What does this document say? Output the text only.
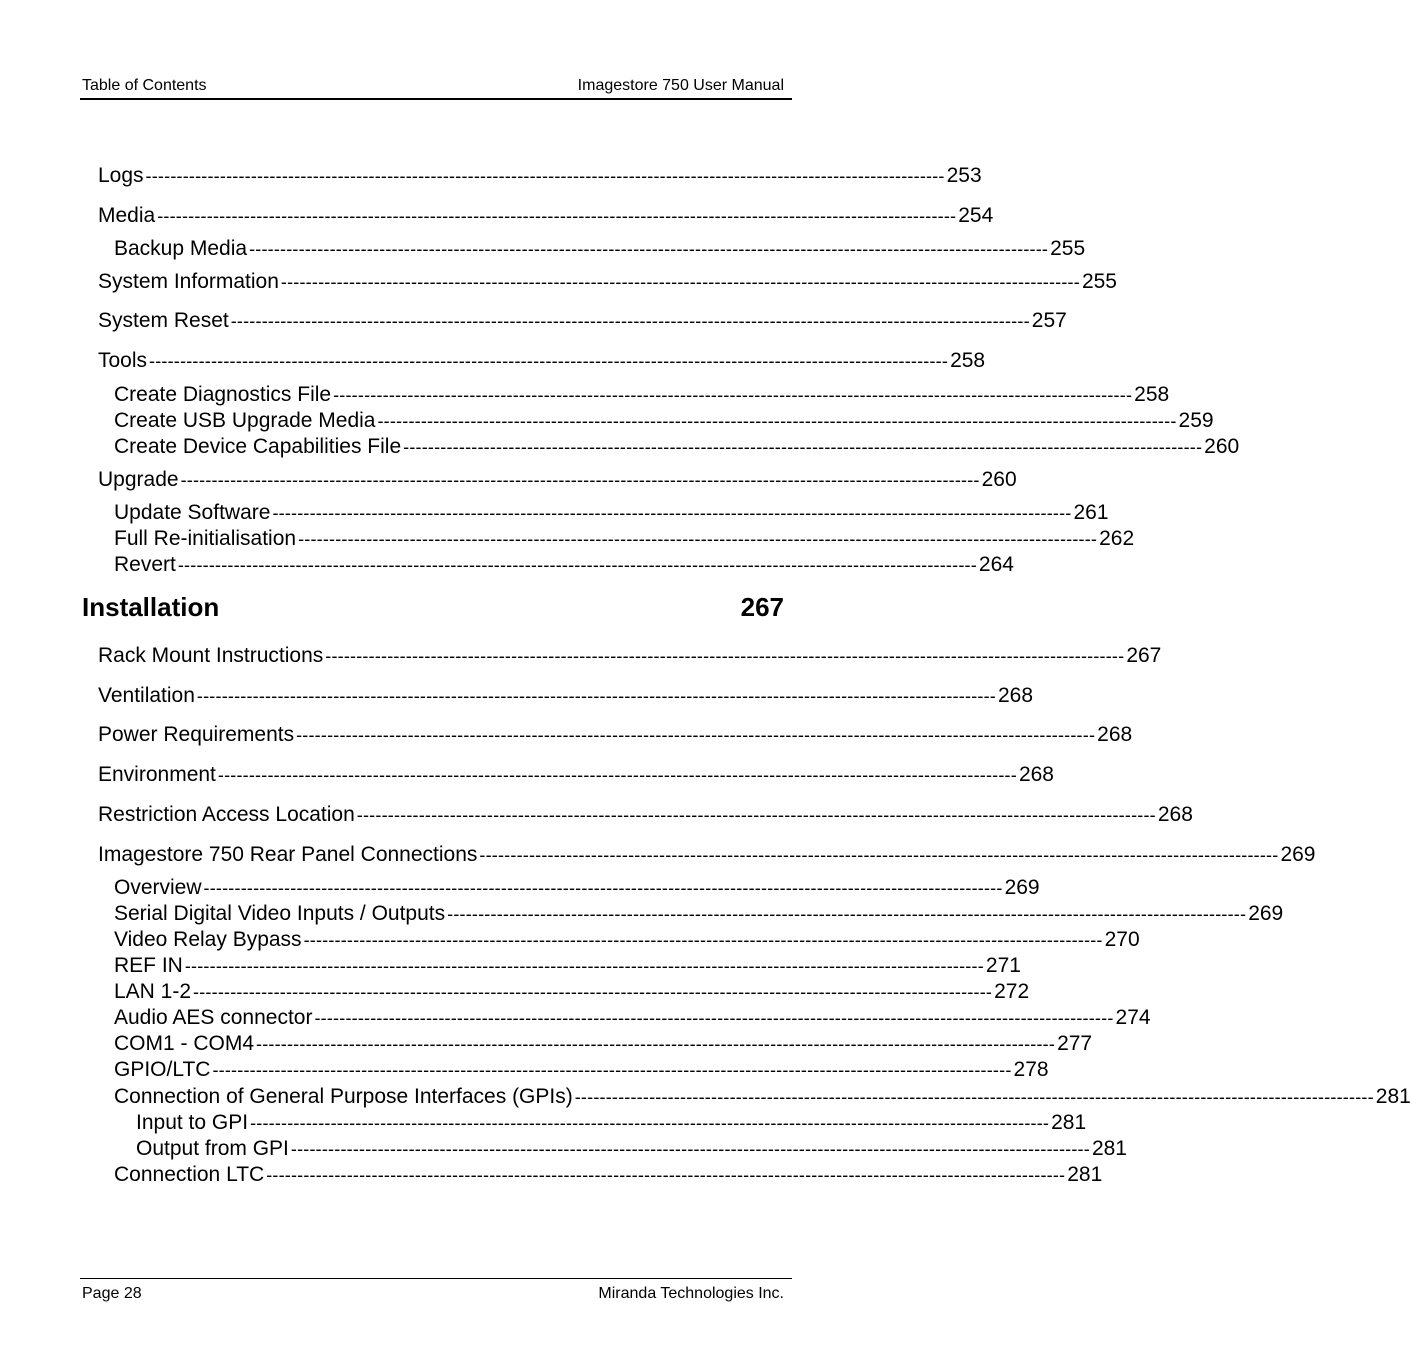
Table of Contents	Imagestore 750 User Manual
Logs --------------------------------------------------------------------------------------------------------------------------------- 253
Media --------------------------------------------------------------------------------------------------------------------------------- 254
Backup Media --------------------------------------------------------------------------------------------------------------------------------- 255
System Information --------------------------------------------------------------------------------------------------------------------------------- 255
System Reset --------------------------------------------------------------------------------------------------------------------------------- 257
Tools --------------------------------------------------------------------------------------------------------------------------------- 258
Create Diagnostics File --------------------------------------------------------------------------------------------------------------------------------- 258
Create USB Upgrade Media --------------------------------------------------------------------------------------------------------------------------------- 259
Create Device Capabilities File --------------------------------------------------------------------------------------------------------------------------------- 260
Upgrade --------------------------------------------------------------------------------------------------------------------------------- 260
Update Software --------------------------------------------------------------------------------------------------------------------------------- 261
Full Re-initialisation --------------------------------------------------------------------------------------------------------------------------------- 262
Revert --------------------------------------------------------------------------------------------------------------------------------- 264
Installation	267
Rack Mount Instructions --------------------------------------------------------------------------------------------------------------------------------- 267
Ventilation --------------------------------------------------------------------------------------------------------------------------------- 268
Power Requirements --------------------------------------------------------------------------------------------------------------------------------- 268
Environment --------------------------------------------------------------------------------------------------------------------------------- 268
Restriction Access Location --------------------------------------------------------------------------------------------------------------------------------- 268
Imagestore 750 Rear Panel Connections --------------------------------------------------------------------------------------------------------------------------------- 269
Overview --------------------------------------------------------------------------------------------------------------------------------- 269
Serial Digital Video Inputs / Outputs --------------------------------------------------------------------------------------------------------------------------------- 269
Video Relay Bypass --------------------------------------------------------------------------------------------------------------------------------- 270
REF IN --------------------------------------------------------------------------------------------------------------------------------- 271
LAN 1-2 --------------------------------------------------------------------------------------------------------------------------------- 272
Audio AES connector --------------------------------------------------------------------------------------------------------------------------------- 274
COM1 - COM4 --------------------------------------------------------------------------------------------------------------------------------- 277
GPIO/LTC --------------------------------------------------------------------------------------------------------------------------------- 278
Connection of General Purpose Interfaces (GPIs) --------------------------------------------------------------------------------------------------------------------------------- 281
Input to GPI --------------------------------------------------------------------------------------------------------------------------------- 281
Output from GPI --------------------------------------------------------------------------------------------------------------------------------- 281
Connection LTC --------------------------------------------------------------------------------------------------------------------------------- 281
Page 28	Miranda Technologies Inc.
